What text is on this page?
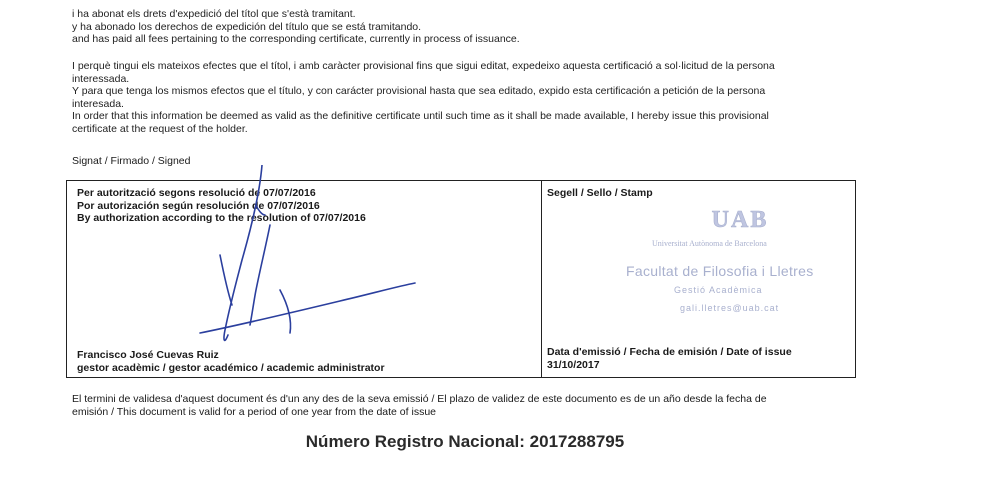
i ha abonat els drets d'expedició del títol que s'està tramitant.
y ha abonado los derechos de expedición del título que se está tramitando.
and has paid all fees pertaining to the corresponding certificate, currently in process of issuance.
I perquè tingui els mateixos efectes que el títol, i amb caràcter provisional fins que sigui editat, expedeixo aquesta certificació a sol·licitud de la persona
interessada.
Y para que tenga los mismos efectos que el título, y con carácter provisional hasta que sea editado, expido esta certificación a petición de la persona
interesada.
In order that this information be deemed as valid as the definitive certificate until such time as it shall be made available, I hereby issue this provisional
certificate at the request of the holder.
Signat / Firmado / Signed
Per autorització segons resolució de 07/07/2016
Por autorización según resolución de 07/07/2016
By authorization according to the resolution of 07/07/2016
Francisco José Cuevas Ruiz
gestor acadèmic / gestor académico / academic administrator
Segell / Sello / Stamp
UAB
Universitat Autònoma de Barcelona
Facultat de Filosofia i Lletres
Gestió Acadèmica
gali.lletres@uab.cat
Data d'emissió / Fecha de emisión / Date of issue
31/10/2017
El termini de validesa d'aquest document és d'un any des de la seva emissió / El plazo de validez de este documento es de un año desde la fecha de
emisión / This document is valid for a period of one year from the date of issue
Número Registro Nacional: 2017288795
